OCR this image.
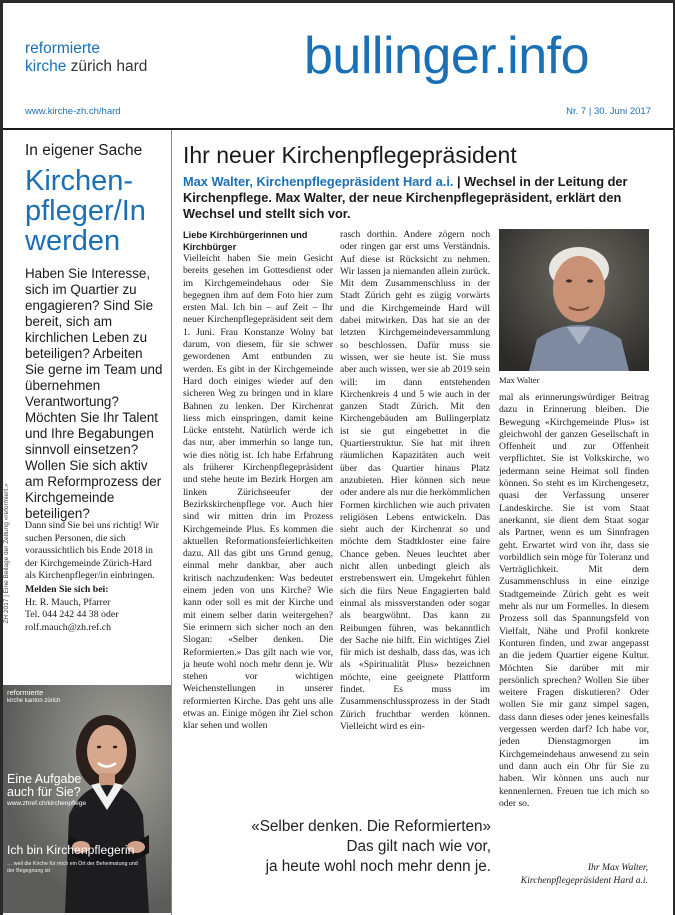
reformierte
kirche zürich hard	bullinger.info
www.kirche-zh.ch/hard	Nr. 7 | 30. Juni 2017
In eigener Sache
Kirchen-
pfleger/In
werden
Haben Sie Interesse, sich im Quartier zu engagieren? Sind Sie bereit, sich am kirchlichen Leben zu beteiligen? Arbeiten Sie gerne im Team und übernehmen Verantwortung? Möchten Sie Ihr Talent und Ihre Begabungen sinnvoll einsetzen? Wollen Sie sich aktiv am Reformprozess der Kirchgemeinde beteiligen?
Dann sind Sie bei uns richtig! Wir suchen Personen, die sich voraussichtlich bis Ende 2018 in der Kirchgemeinde Zürich-Hard als Kirchenpfleger/in einbringen.
Melden Sie sich bei:
Hr. R. Mauch, Pfarrer
Tel. 044 242 44 38 oder
rolf.mauch@zh.ref.ch
ZH 2017 | Eine Beilage der Zeitung «reformiert.»
reformierte
kirche kanton zürich
Eine Aufgabe
auch für Sie?
www.zhref.ch/kirchenpflege
Ich bin Kirchenpflegerin
… weil die Kirche für mich ein Ort der Beheimatung und
der Begegnung ist
Ihr neuer Kirchenpflegepräsident
Max Walter, Kirchenpflegepräsident Hard a.i. | Wechsel in der Leitung der Kirchenpflege. Max Walter, der neue Kirchenpflegepräsident, erklärt den Wechsel und stellt sich vor.

Liebe Kirchbürgerinnen und Kirchbürger

Vielleicht haben Sie mein Gesicht bereits gesehen im Gottesdienst oder im Kirchgemeindehaus oder Sie begegnen ihm auf dem Foto hier zum ersten Mal. Ich bin – auf Zeit – Ihr neuer Kirchenpflegepräsident seit dem 1. Juni. Frau Konstanze Wolny bat darum, von diesem, für sie schwer gewordenen Amt entbunden zu werden. Es gibt in der Kirchgemeinde Hard doch einiges wieder auf den sicheren Weg zu bringen und in klare Bahnen zu lenken. Der Kirchenrat liess mich einspringen, damit keine Lücke entsteht. Natürlich werde ich das nur, aber immerhin so lange tun, wie dies nötig ist. Ich habe Erfahrung als früherer Kirchenpflegepräsident und stehe heute im Bezirk Horgen am linken Zürichseeufer der Bezirkskirchenpflege vor. Auch hier sind wir mitten drin im Prozess Kirchgemeinde Plus. Es kommen die aktuellen Reformationsfeierlichkeiten dazu. All das gibt uns Grund genug, einmal mehr dankbar, aber auch kritisch nachzudenken: Was bedeutet einem jeden von uns Kirche? Wie kann oder soll es mit der Kirche und mit einem selber darin weitergehen? Sie erinnern sich sicher noch an den Slogan: «Selber denken. Die Reformierten.» Das gilt nach wie vor, ja heute wohl noch mehr denn je. Wir stehen vor wichtigen Weichenstellungen in unserer reformierten Kirche. Das geht uns alle etwas an. Einige mögen ihr Ziel schon klar sehen und wollen

rasch dorthin. Andere zögern noch oder ringen gar erst ums Verständnis. Auf diese ist Rücksicht zu nehmen. Wir lassen ja niemanden allein zurück. Mit dem Zusammenschluss in der Stadt Zürich geht es zügig vorwärts und die Kirchgemeinde Hard will dabei mitwirken. Das hat sie an der letzten Kirchgemeindeversammlung so beschlossen. Dafür muss sie wissen, wer sie heute ist. Sie muss aber auch wissen, wer sie ab 2019 sein will: im dann entstehenden Kirchenkreis 4 und 5 wie auch in der ganzen Stadt Zürich. Mit den Kirchengebäuden am Bullingerplatz ist sie gut eingebettet in die Quartierstruktur. Sie hat mit ihren räumlichen Kapazitäten auch weit über das Quartier hinaus Platz anzubieten. Hier können sich neue oder andere als nur die herkömmlichen Formen kirchlichen wie auch privaten religiösen Lebens entwickeln. Das sieht auch der Kirchenrat so und möchte dem Stadtkloster eine faire Chance geben. Neues leuchtet aber nicht allen unbedingt gleich als erstrebenswert ein. Umgekehrt fühlen sich die fürs Neue Engagierten bald einmal als missverstanden oder sogar als beargwöhnt. Das kann zu Reibungen führen, was bekanntlich der Sache nie hilft. Ein wichtiges Ziel für mich ist deshalb, dass das, was ich als «Spiritualität Plus» bezeichnen möchte, eine geeignete Plattform findet. Es muss im Zusammenschlussprozess in der Stadt Zürich fruchtbar werden können. Vielleicht wird es ein-

Max Walter

mal als erinnerungswürdiger Beitrag dazu in Erinnerung bleiben. Die Bewegung «Kirchgemeinde Plus» ist gleichwohl der ganzen Gesellschaft in Offenheit und zur Offenheit verpflichtet. Sie ist Volkskirche, wo jedermann seine Heimat soll finden können. So steht es im Kirchengesetz, quasi der Verfassung unserer Landeskirche. Sie ist vom Staat anerkannt, sie dient dem Staat sogar als Partner, wenn es um Sinnfragen geht. Erwartet wird von ihr, dass sie vorbildlich sein möge für Toleranz und Verträglichkeit. Mit dem Zusammenschluss in eine einzige Stadtgemeinde Zürich geht es weit mehr als nur um Formelles. In diesem Prozess soll das Spannungsfeld von Vielfalt, Nähe und Profil konkrete Konturen finden, und zwar angepasst an die jedem Quartier eigene Kultur. Möchten Sie darüber mit mir persönlich sprechen? Wollen Sie über weitere Fragen diskutieren? Oder wollen Sie mir ganz simpel sagen, dass dann dieses oder jenes keinesfalls vergessen werden darf? Ich habe vor, jeden Dienstagmorgen im Kirchgemeindehaus anwesend zu sein und dann auch ein Ohr für Sie zu haben. Wir können uns auch nur kennenlernen. Freuen tue ich mich so oder so.

Ihr Max Walter,
Kirchenpflegepräsident Hard a.i.
«Selber denken. Die Reformierten»
Das gilt nach wie vor,
ja heute wohl noch mehr denn je.
